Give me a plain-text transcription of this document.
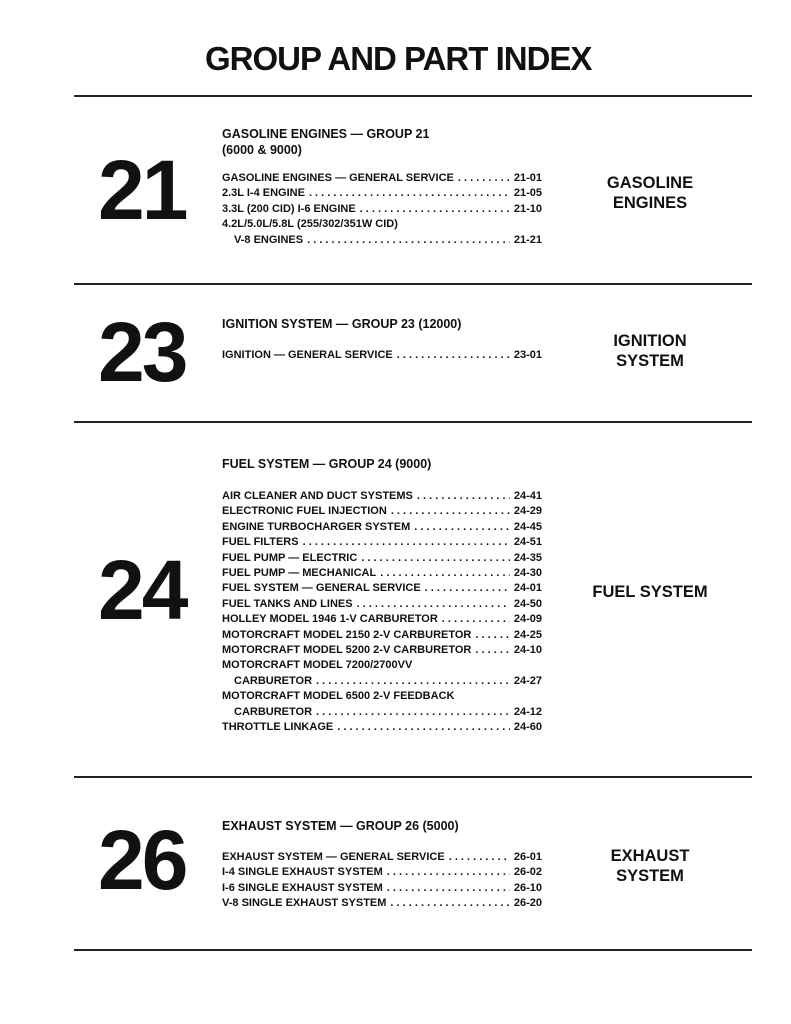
GROUP AND PART INDEX
21
GASOLINE ENGINES — GROUP 21
(6000 & 9000)
GASOLINE ENGINES — GENERAL SERVICE . . .	21-01
2.3L I-4 ENGINE . . .	21-05
3.3L (200 CID) I-6 ENGINE . . .	21-10
4.2L/5.0L/5.8L (255/302/351W CID)
V-8 ENGINES . . .	21-21
GASOLINE
ENGINES
23	IGNITION SYSTEM — GROUP 23 (12000)
IGNITION — GENERAL SERVICE . . .	23-01
IGNITION
SYSTEM
24
FUEL SYSTEM — GROUP 24 (9000)
AIR CLEANER AND DUCT SYSTEMS . . .	24-41
ELECTRONIC FUEL INJECTION . . .	24-29
ENGINE TURBOCHARGER SYSTEM . . .	24-45
FUEL FILTERS . . .	24-51
FUEL PUMP — ELECTRIC . . .	24-35
FUEL PUMP — MECHANICAL . . .	24-30
FUEL SYSTEM — GENERAL SERVICE . . .	24-01
FUEL TANKS AND LINES . . .	24-50
HOLLEY MODEL 1946 1-V CARBURETOR . . .	24-09
MOTORCRAFT MODEL 2150 2-V CARBURETOR . . .	24-25
MOTORCRAFT MODEL 5200 2-V CARBURETOR . . .	24-10
MOTORCRAFT MODEL 7200/2700VV
CARBURETOR . . .	24-27
MOTORCRAFT MODEL 6500 2-V FEEDBACK
CARBURETOR . . .	24-12
THROTTLE LINKAGE . . .	24-60
FUEL SYSTEM
26	EXHAUST SYSTEM — GROUP 26 (5000)
EXHAUST SYSTEM — GENERAL SERVICE . . .	26-01
I-4 SINGLE EXHAUST SYSTEM . . .	26-02
I-6 SINGLE EXHAUST SYSTEM . . .	26-10
V-8 SINGLE EXHAUST SYSTEM . . .	26-20
EXHAUST
SYSTEM
